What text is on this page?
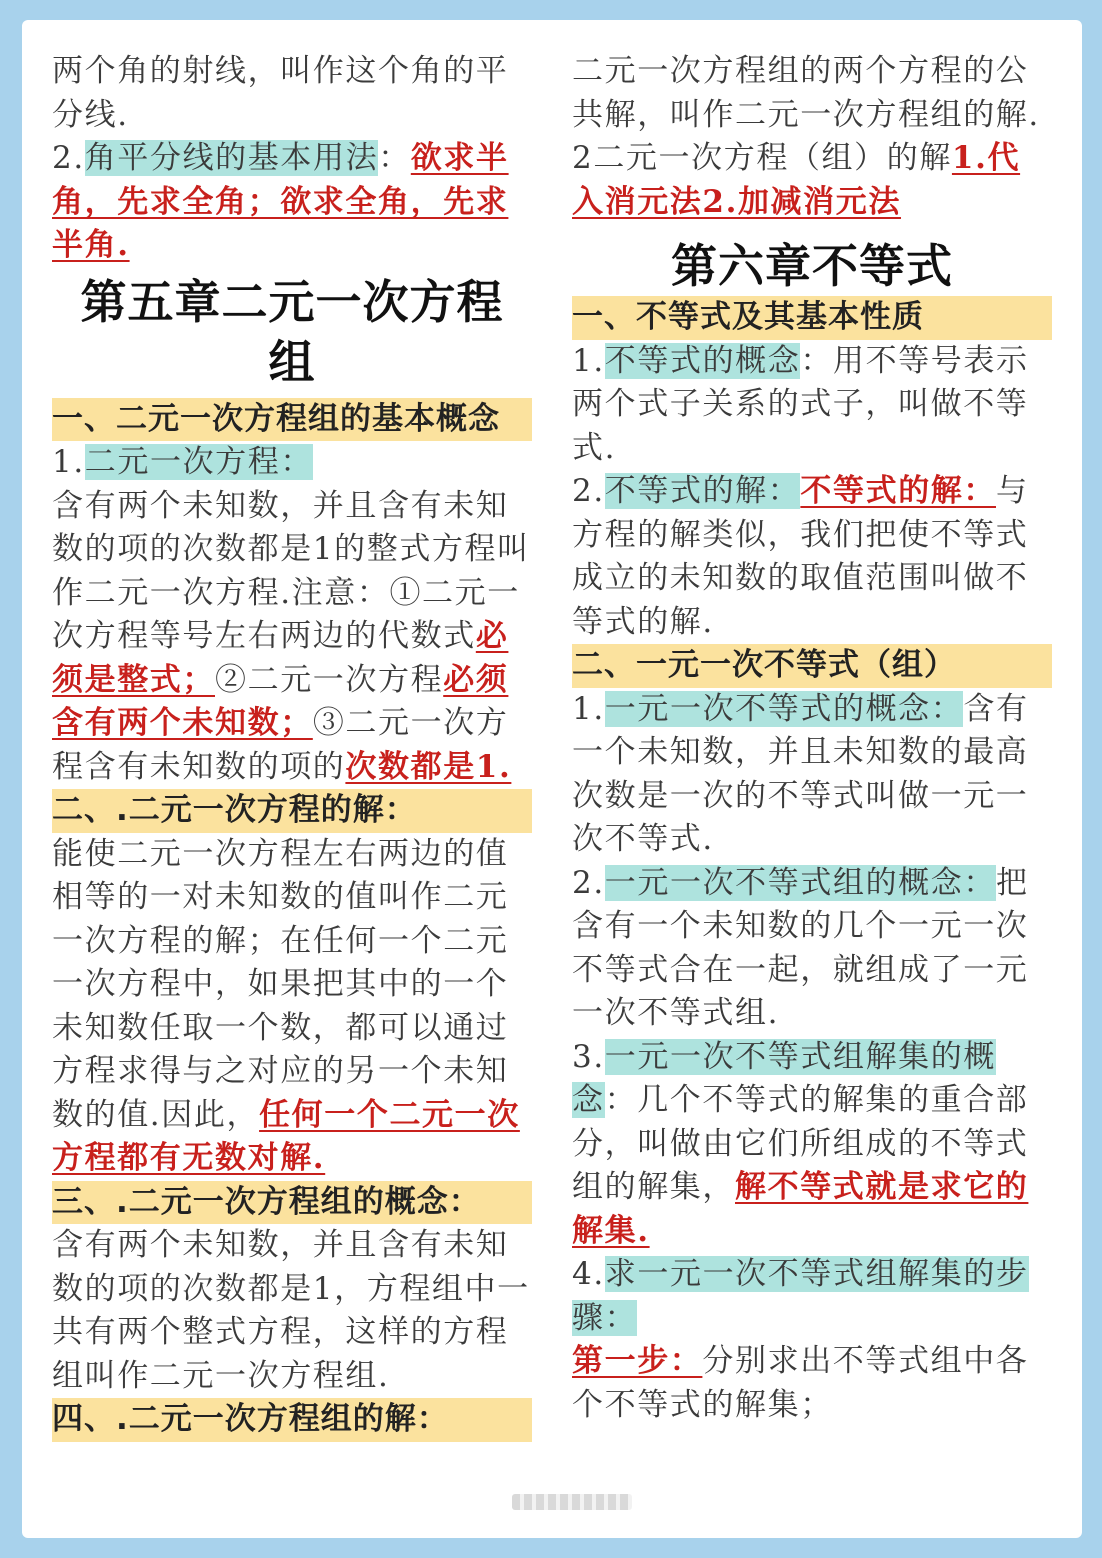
两个角的射线，叫作这个角的平分线.

2.角平分线的基本用法：欲求半角，先求全角；欲求全角，先求半角.

第五章二元一次方程
组

一、二元一次方程组的基本概念

1.二元一次方程：

含有两个未知数，并且含有未知数的项的次数都是1的整式方程叫作二元一次方程.注意：①二元一次方程等号左右两边的代数式必须是整式；②二元一次方程必须含有两个未知数；③二元一次方程含有未知数的项的次数都是1.

二、.二元一次方程的解：

能使二元一次方程左右两边的值相等的一对未知数的值叫作二元一次方程的解；在任何一个二元一次方程中，如果把其中的一个未知数任取一个数，都可以通过方程求得与之对应的另一个未知数的值.因此，任何一个二元一次方程都有无数对解.

三、.二元一次方程组的概念：

含有两个未知数，并且含有未知数的项的次数都是1，方程组中一共有两个整式方程，这样的方程组叫作二元一次方程组.

四、.二元一次方程组的解：

二元一次方程组的两个方程的公共解，叫作二元一次方程组的解.

2二元一次方程（组）的解1.代入消元法2.加减消元法

第六章不等式

一、不等式及其基本性质

1.不等式的概念：用不等号表示两个式子关系的式子，叫做不等式.

2.不等式的解：不等式的解：与方程的解类似，我们把使不等式成立的未知数的取值范围叫做不等式的解.

二、一元一次不等式（组）

1.一元一次不等式的概念：含有一个未知数，并且未知数的最高次数是一次的不等式叫做一元一次不等式.

2.一元一次不等式组的概念：把含有一个未知数的几个一元一次不等式合在一起，就组成了一元一次不等式组.

3.一元一次不等式组解集的概念：几个不等式的解集的重合部分，叫做由它们所组成的不等式组的解集，解不等式就是求它的解集.

4.求一元一次不等式组解集的步骤：

第一步：分别求出不等式组中各个不等式的解集；
